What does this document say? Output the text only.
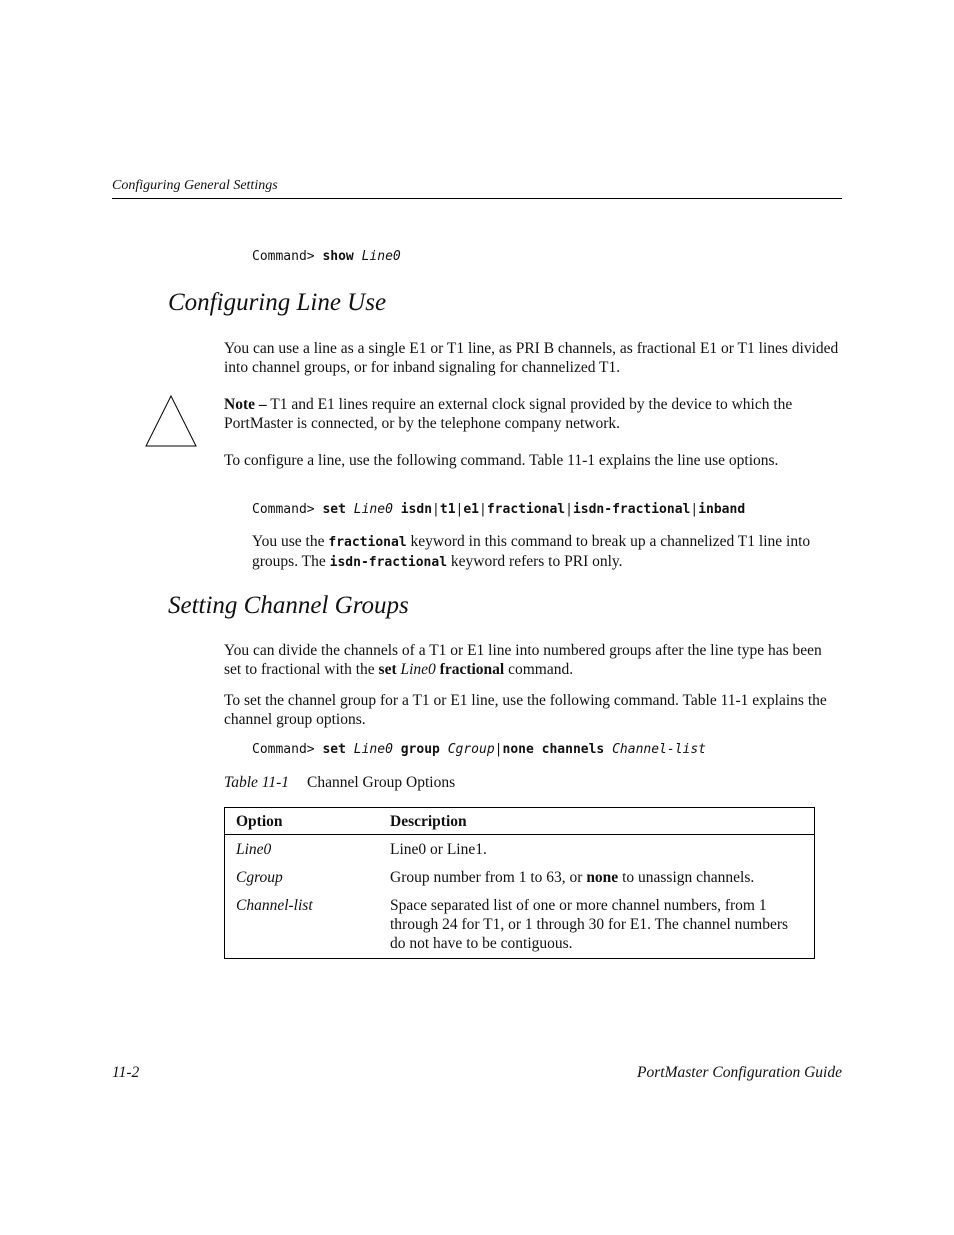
Configuring General Settings
Command> show Line0
Configuring Line Use

You can use a line as a single E1 or T1 line, as PRI B channels, as fractional E1 or T1 lines divided into channel groups, or for inband signaling for channelized T1.

Note – T1 and E1 lines require an external clock signal provided by the device to which the PortMaster is connected, or by the telephone company network.

To configure a line, use the following command. Table 11-1 explains the line use options.

Command> set Line0 isdn|t1|e1|fractional|isdn-fractional|inband

You use the fractional keyword in this command to break up a channelized T1 line into groups. The isdn-fractional keyword refers to PRI only.

Setting Channel Groups

You can divide the channels of a T1 or E1 line into numbered groups after the line type has been set to fractional with the set Line0 fractional command.

To set the channel group for a T1 or E1 line, use the following command. Table 11-1 explains the channel group options.

Command> set Line0 group Cgroup|none channels Channel-list
Table 11-1 Channel Group Options
Option	Description
Line0	Line0 or Line1.
Cgroup	Group number from 1 to 63, or none to unassign channels.
Channel-list	Space separated list of one or more channel numbers, from 1 through 24 for T1, or 1 through 30 for E1. The channel numbers do not have to be contiguous.
11-2	PortMaster Configuration Guide
